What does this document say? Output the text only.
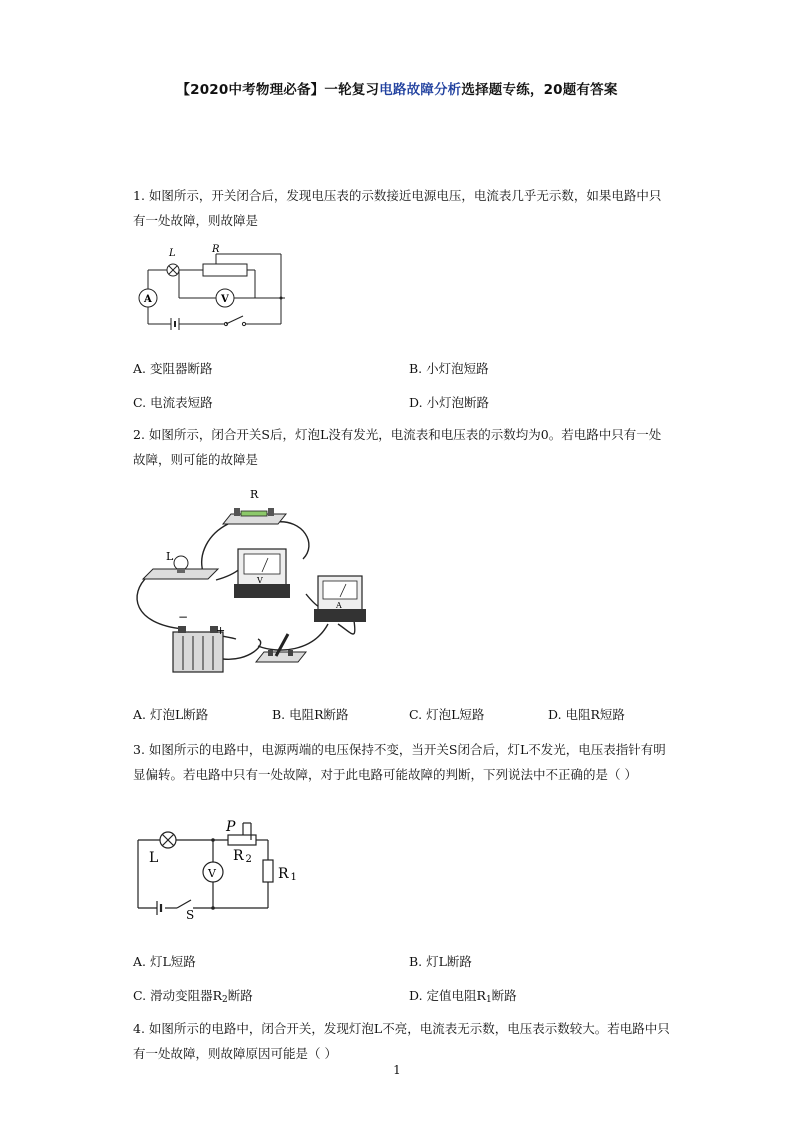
【2020中考物理必备】一轮复习电路故障分析选择题专练，20题有答案
1. 如图所示，开关闭合后，发现电压表的示数接近电源电压，电流表几乎无示数，如果电路中只有一处故障，则故障是
L	R
A	V
A. 变阻器断路	B. 小灯泡短路
C. 电流表短路	D. 小灯泡断路
2. 如图所示，闭合开关S后，灯泡L没有发光，电流表和电压表的示数均为0。若电路中只有一处故障，则可能的故障是
R
L
V
A
−
+
A. 灯泡L断路	B. 电阻R断路	C. 灯泡L短路	D. 电阻R短路
3. 如图所示的电路中，电源两端的电压保持不变，当开关S闭合后，灯L不发光，电压表指针有明显偏转。若电路中只有一处故障，对于此电路可能故障的判断，下列说法中不正确的是（ ）
P
L	R 2
R 1
V
S
A. 灯L短路	B. 灯L断路
C. 滑动变阻器$R_2$断路	D. 定值电阻$R_1$断路
4. 如图所示的电路中，闭合开关，发现灯泡L不亮，电流表无示数，电压表示数较大。若电路中只有一处故障，则故障原因可能是（ ）
1
